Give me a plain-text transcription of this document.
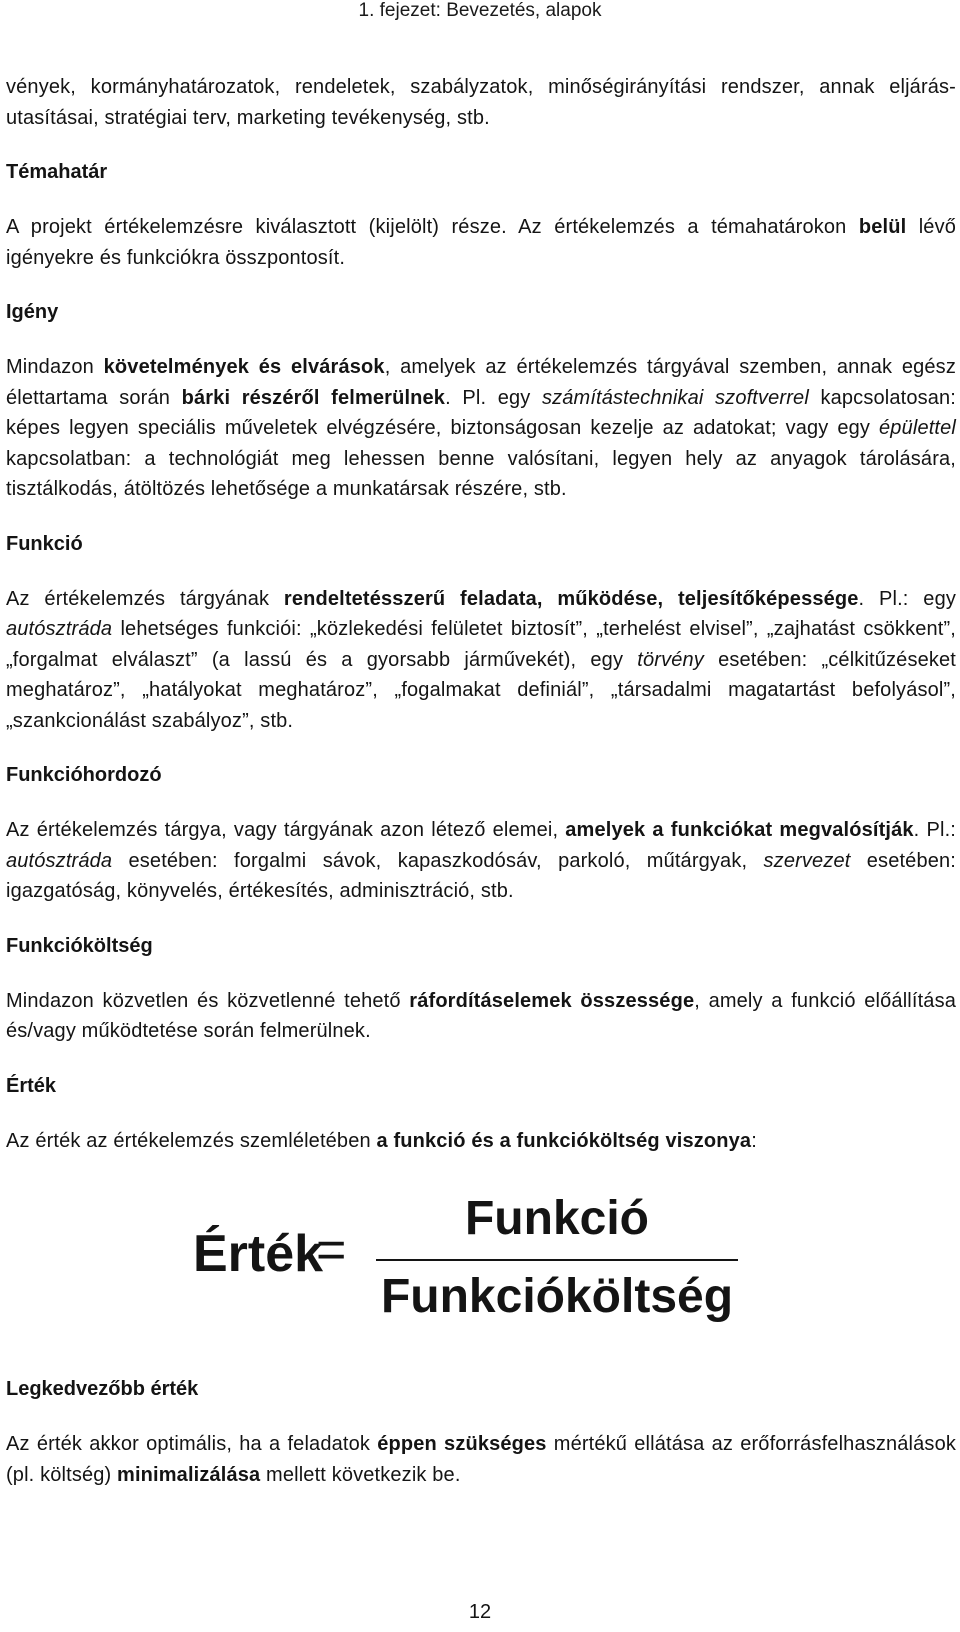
1. fejezet: Bevezetés, alapok

vények, kormányhatározatok, rendeletek, szabályzatok, minőségirányítási rendszer, annak eljárás-utasításai, stratégiai terv, marketing tevékenység, stb.

Témahatár

A projekt értékelemzésre kiválasztott (kijelölt) része. Az értékelemzés a témahatárokon belül lévő igényekre és funkciókra összpontosít.

Igény

Mindazon követelmények és elvárások, amelyek az értékelemzés tárgyával szemben, annak egész élettartama során bárki részéről felmerülnek. Pl. egy számítástechnikai szoftverrel kapcsolatosan: képes legyen speciális műveletek elvégzésére, biztonságosan kezelje az adatokat; vagy egy épülettel kapcsolatban: a technológiát meg lehessen benne valósítani, legyen hely az anyagok tárolására, tisztálkodás, átöltözés lehetősége a munkatársak részére, stb.

Funkció

Az értékelemzés tárgyának rendeltetésszerű feladata, működése, teljesítőképessége. Pl.: egy autósztráda lehetséges funkciói: „közlekedési felületet biztosít”, „terhelést elvisel”, „zajhatást csökkent”, „forgalmat elválaszt” (a lassú és a gyorsabb járművekét), egy törvény esetében: „célkitűzéseket meghatároz”, „hatályokat meghatároz”, „fogalmakat definiál”, „társadalmi magatartást befolyásol”, „szankcionálást szabályoz”, stb.

Funkcióhordozó

Az értékelemzés tárgya, vagy tárgyának azon létező elemei, amelyek a funkciókat megvalósítják. Pl.: autósztráda esetében: forgalmi sávok, kapaszkodósáv, parkoló, műtárgyak, szervezet esetében: igazgatóság, könyvelés, értékesítés, adminisztráció, stb.

Funkcióköltség

Mindazon közvetlen és közvetlenné tehető ráfordításelemek összessége, amely a funkció előállítása és/vagy működtetése során felmerülnek.

Érték

Az érték az értékelemzés szemléletében a funkció és a funkcióköltség viszonya:

Érték
=
Funkció
Funkcióköltség
Legkedvezőbb érték

Az érték akkor optimális, ha a feladatok éppen szükséges mértékű ellátása az erőforrásfelhasználások (pl. költség) minimalizálása mellett következik be.

12
